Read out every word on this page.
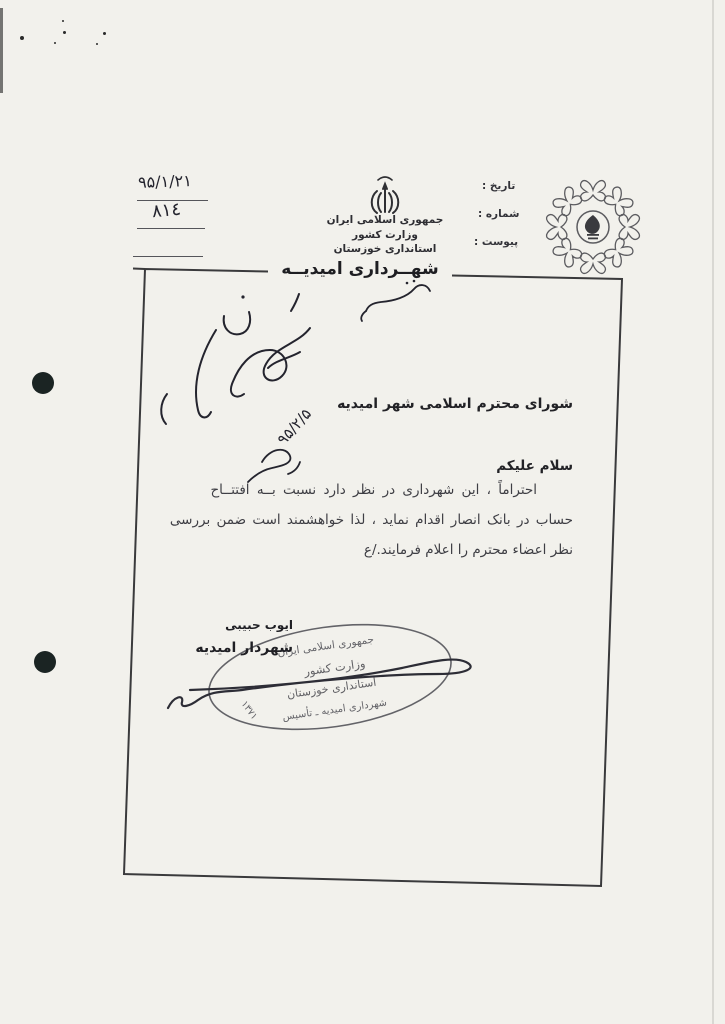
جمهوری اسلامی ایران
وزارت کشور
استانداری خوزستان
شهرداری امیدیه ـ تأسیس
۱۳۷۱
تاریخ :
۹۵/۱/۲۱
شماره :
۸۱٤
پیوست :
جمهوری اسلامی ایران
وزارت کشور
استانداری خوزستان
شهــرداری امیدیــه
شورای محترم اسلامی شهر امیدیه
سلام علیکم
احتراماً ، این شهرداری در نظر دارد نسبت بــه افتتــاح
حساب در بانک انصار اقدام نماید ، لذا خواهشمند است ضمن بررسی
نظر اعضاء محترم را اعلام فرمایند./ع
ایوب حبیبی
شهردار امیدیه
۹۵/۲/۵
